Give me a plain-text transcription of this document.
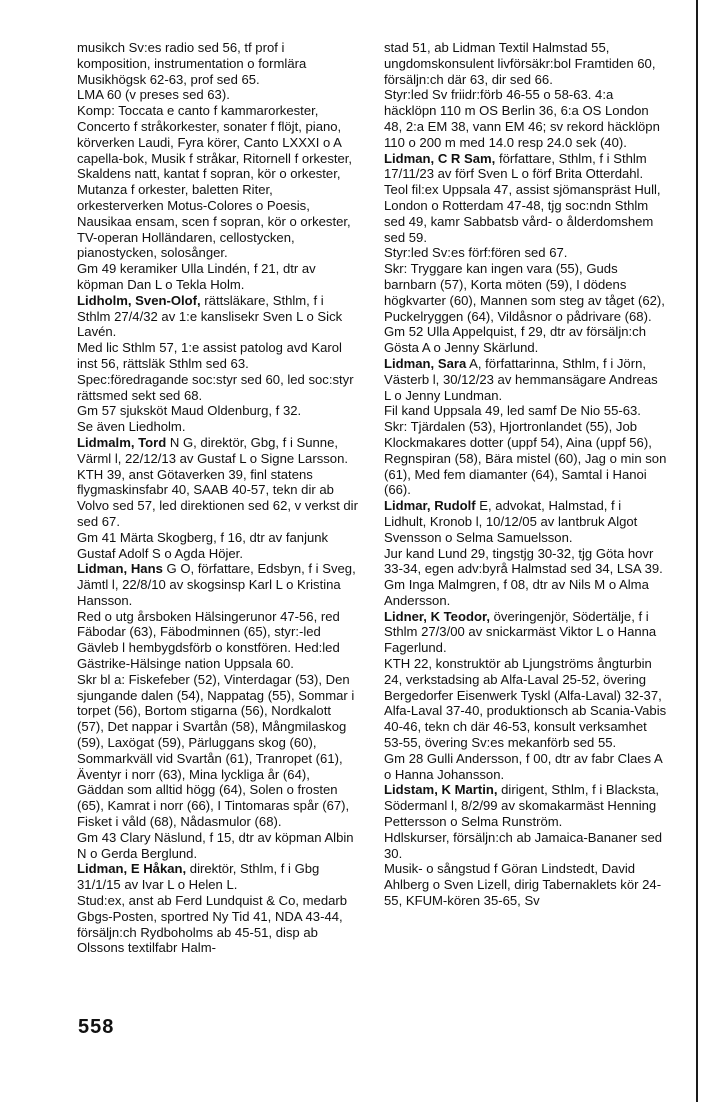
musikch Sv:es radio sed 56, tf prof i komposition, instrumentation o formlära Musikhögsk 62-63, prof sed 65.

LMA 60 (v preses sed 63).

Komp: Toccata e canto f kammarorkester, Concerto f stråkorkester, sonater f flöjt, piano, körverken Laudi, Fyra körer, Canto LXXXI o A capella-bok, Musik f stråkar, Ritornell f orkester, Skaldens natt, kantat f sopran, kör o orkester, Mutanza f orkester, baletten Riter, orkesterverken Motus-Colores o Poesis, Nausikaa ensam, scen f sopran, kör o orkester, TV-operan Holländaren, cellostycken, pianostycken, solosånger.

Gm 49 keramiker Ulla Lindén, f 21, dtr av köpman Dan L o Tekla Holm.

Lidholm, Sven-Olof, rättsläkare, Sthlm, f i Sthlm 27/4/32 av 1:e kanslisekr Sven L o Sick Lavén.

Med lic Sthlm 57, 1:e assist patolog avd Karol inst 56, rättsläk Sthlm sed 63.

Spec:föredragande soc:styr sed 60, led soc:styr rättsmed sekt sed 68.

Gm 57 sjuksköt Maud Oldenburg, f 32.

Se även Liedholm.

Lidmalm, Tord N G, direktör, Gbg, f i Sunne, Värml l, 22/12/13 av Gustaf L o Signe Larsson.

KTH 39, anst Götaverken 39, finl statens flygmaskinsfabr 40, SAAB 40-57, tekn dir ab Volvo sed 57, led direktionen sed 62, v verkst dir sed 67.

Gm 41 Märta Skogberg, f 16, dtr av fanjunk Gustaf Adolf S o Agda Höjer.

Lidman, Hans G O, författare, Edsbyn, f i Sveg, Jämtl l, 22/8/10 av skogsinsp Karl L o Kristina Hansson.

Red o utg årsboken Hälsingerunor 47-56, red Fäbodar (63), Fäbodminnen (65), styr:-led Gävleb l hembygdsförb o konstfören. Hed:led Gästrike-Hälsinge nation Uppsala 60.

Skr bl a: Fiskefeber (52), Vinterdagar (53), Den sjungande dalen (54), Nappatag (55), Sommar i torpet (56), Bortom stigarna (56), Nordkalott (57), Det nappar i Svartån (58), Mångmilaskog (59), Laxögat (59), Pärluggans skog (60), Sommarkväll vid Svartån (61), Tranropet (61), Äventyr i norr (63), Mina lyckliga år (64), Gäddan som alltid högg (64), Solen o frosten (65), Kamrat i norr (66), I Tintomaras spår (67), Fisket i våld (68), Nådasmulor (68).

Gm 43 Clary Näslund, f 15, dtr av köpman Albin N o Gerda Berglund.

Lidman, E Håkan, direktör, Sthlm, f i Gbg 31/1/15 av Ivar L o Helen L.

Stud:ex, anst ab Ferd Lundquist & Co, medarb Gbgs-Posten, sportred Ny Tid 41, NDA 43-44, försäljn:ch Rydboholms ab 45-51, disp ab Olssons textilfabr Halm-

stad 51, ab Lidman Textil Halmstad 55, ungdomskonsulent livförsäkr:bol Framtiden 60, försäljn:ch där 63, dir sed 66.

Styr:led Sv friidr:förb 46-55 o 58-63. 4:a häcklöpn 110 m OS Berlin 36, 6:a OS London 48, 2:a EM 38, vann EM 46; sv rekord häcklöpn 110 o 200 m med 14.0 resp 24.0 sek (40).

Lidman, C R Sam, författare, Sthlm, f i Sthlm 17/11/23 av förf Sven L o förf Brita Otterdahl.

Teol fil:ex Uppsala 47, assist sjömanspräst Hull, London o Rotterdam 47-48, tjg soc:ndn Sthlm sed 49, kamr Sabbatsb vård- o ålderdomshem sed 59.

Styr:led Sv:es förf:fören sed 67.

Skr: Tryggare kan ingen vara (55), Guds barnbarn (57), Korta möten (59), I dödens högkvarter (60), Mannen som steg av tåget (62), Puckelryggen (64), Vildåsnor o pådrivare (68).

Gm 52 Ulla Appelquist, f 29, dtr av försäljn:ch Gösta A o Jenny Skärlund.

Lidman, Sara A, författarinna, Sthlm, f i Jörn, Västerb l, 30/12/23 av hemmansägare Andreas L o Jenny Lundman.

Fil kand Uppsala 49, led samf De Nio 55-63.

Skr: Tjärdalen (53), Hjortronlandet (55), Job Klockmakares dotter (uppf 54), Aina (uppf 56), Regnspiran (58), Bära mistel (60), Jag o min son (61), Med fem diamanter (64), Samtal i Hanoi (66).

Lidmar, Rudolf E, advokat, Halmstad, f i Lidhult, Kronob l, 10/12/05 av lantbruk Algot Svensson o Selma Samuelsson.

Jur kand Lund 29, tingstjg 30-32, tjg Göta hovr 33-34, egen adv:byrå Halmstad sed 34, LSA 39.

Gm Inga Malmgren, f 08, dtr av Nils M o Alma Andersson.

Lidner, K Teodor, överingenjör, Södertälje, f i Sthlm 27/3/00 av snickarmäst Viktor L o Hanna Fagerlund.

KTH 22, konstruktör ab Ljungströms ångturbin 24, verkstadsing ab Alfa-Laval 25-52, övering Bergedorfer Eisenwerk Tyskl (Alfa-Laval) 32-37, Alfa-Laval 37-40, produktionsch ab Scania-Vabis 40-46, tekn ch där 46-53, konsult verksamhet 53-55, övering Sv:es mekanförb sed 55.

Gm 28 Gulli Andersson, f 00, dtr av fabr Claes A o Hanna Johansson.

Lidstam, K Martin, dirigent, Sthlm, f i Blacksta, Södermanl l, 8/2/99 av skomakarmäst Henning Pettersson o Selma Runström.

Hdlskurser, försäljn:ch ab Jamaica-Bananer sed 30.

Musik- o sångstud f Göran Lindstedt, David Ahlberg o Sven Lizell, dirig Tabernaklets kör 24-55, KFUM-kören 35-65, Sv

558
